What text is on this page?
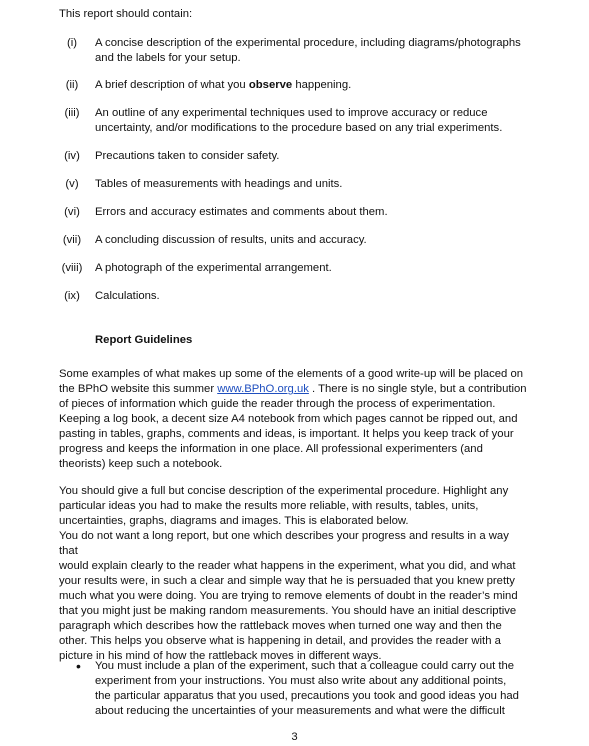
This report should contain:
(i)	A concise description of the experimental procedure, including diagrams/photographs
and the labels for your setup.
(ii)	A brief description of what you observe happening.
(iii)	An outline of any experimental techniques used to improve accuracy or reduce
uncertainty, and/or modifications to the procedure based on any trial experiments.
(iv)	Precautions taken to consider safety.
(v)	Tables of measurements with headings and units.
(vi)	Errors and accuracy estimates and comments about them.
(vii)	A concluding discussion of results, units and accuracy.
(viii)	A photograph of the experimental arrangement.
(ix)	Calculations.
Report Guidelines
Some examples of what makes up some of the elements of a good write-up will be placed on
the BPhO website this summer www.BPhO.org.uk . There is no single style, but a contribution
of pieces of information which guide the reader through the process of experimentation.
Keeping a log book, a decent size A4 notebook from which pages cannot be ripped out, and
pasting in tables, graphs, comments and ideas, is important. It helps you keep track of your
progress and keeps the information in one place. All professional experimenters (and
theorists) keep such a notebook.
You should give a full but concise description of the experimental procedure. Highlight any
particular ideas you had to make the results more reliable, with results, tables, units,
uncertainties, graphs, diagrams and images. This is elaborated below.
You do not want a long report, but one which describes your progress and results in a way that
would explain clearly to the reader what happens in the experiment, what you did, and what
your results were, in such a clear and simple way that he is persuaded that you knew pretty
much what you were doing. You are trying to remove elements of doubt in the reader’s mind
that you might just be making random measurements. You should have an initial descriptive
paragraph which describes how the rattleback moves when turned one way and then the
other. This helps you observe what is happening in detail, and provides the reader with a
picture in his mind of how the rattleback moves in different ways.
• You must include a plan of the experiment, such that a colleague could carry out the
experiment from your instructions. You must also write about any additional points,
the particular apparatus that you used, precautions you took and good ideas you had
about reducing the uncertainties of your measurements and what were the difficult
3
